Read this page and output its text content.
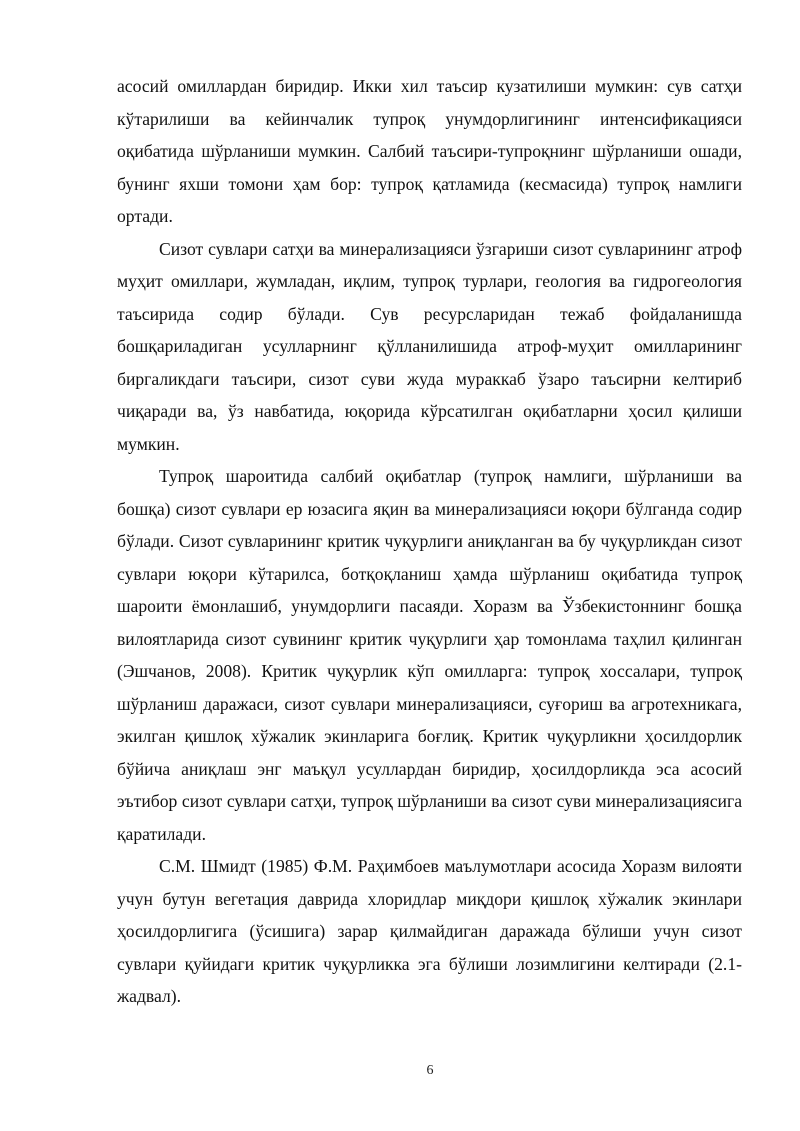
асосий омиллардан биридир. Икки хил таъсир кузатилиши мумкин: сув сатҳи кўтарилиши ва кейинчалик тупроқ унумдорлигининг интенсификацияси оқибатида шўрланиши мумкин. Салбий таъсири-тупроқнинг шўрланиши ошади, бунинг яхши томони ҳам бор: тупроқ қатламида (кесмасида) тупроқ намлиги ортади.

Сизот сувлари сатҳи ва минерализацияси ўзгариши сизот сувларининг атроф муҳит омиллари, жумладан, иқлим, тупроқ турлари, геология ва гидрогеология таъсирида содир бўлади. Сув ресурсларидан тежаб фойдаланишда бошқариладиган усулларнинг қўлланилишида атроф-муҳит омилларининг биргаликдаги таъсири, сизот суви жуда мураккаб ўзаро таъсирни келтириб чиқаради ва, ўз навбатида, юқорида кўрсатилган оқибатларни ҳосил қилиши мумкин.

Тупроқ шароитида салбий оқибатлар (тупроқ намлиги, шўрланиши ва бошқа) сизот сувлари ер юзасига яқин ва минерализацияси юқори бўлганда содир бўлади. Сизот сувларининг критик чуқурлиги аниқланган ва бу чуқурликдан сизот сувлари юқори кўтарилса, ботқоқланиш ҳамда шўрланиш оқибатида тупроқ шароити ёмонлашиб, унумдорлиги пасаяди. Хоразм ва Ўзбекистоннинг бошқа вилоятларида сизот сувининг критик чуқурлиги ҳар томонлама таҳлил қилинган (Эшчанов, 2008). Критик чуқурлик кўп омилларга: тупроқ хоссалари, тупроқ шўрланиш даражаси, сизот сувлари минерализацияси, суғориш ва агротехникага, экилган қишлоқ хўжалик экинларига боғлиқ. Критик чуқурликни ҳосилдорлик бўйича аниқлаш энг маъқул усуллардан биридир, ҳосилдорликда эса асосий эътибор сизот сувлари сатҳи, тупроқ шўрланиши ва сизот суви минерализациясига қаратилади.

С.М. Шмидт (1985) Ф.М. Раҳимбоев маълумотлари асосида Хоразм вилояти учун бутун вегетация даврида хлоридлар миқдори қишлоқ хўжалик экинлари ҳосилдорлигига (ўсишига) зарар қилмайдиган даражада бўлиши учун сизот сувлари қуйидаги критик чуқурликка эга бўлиши лозимлигини келтиради (2.1-жадвал).

6
